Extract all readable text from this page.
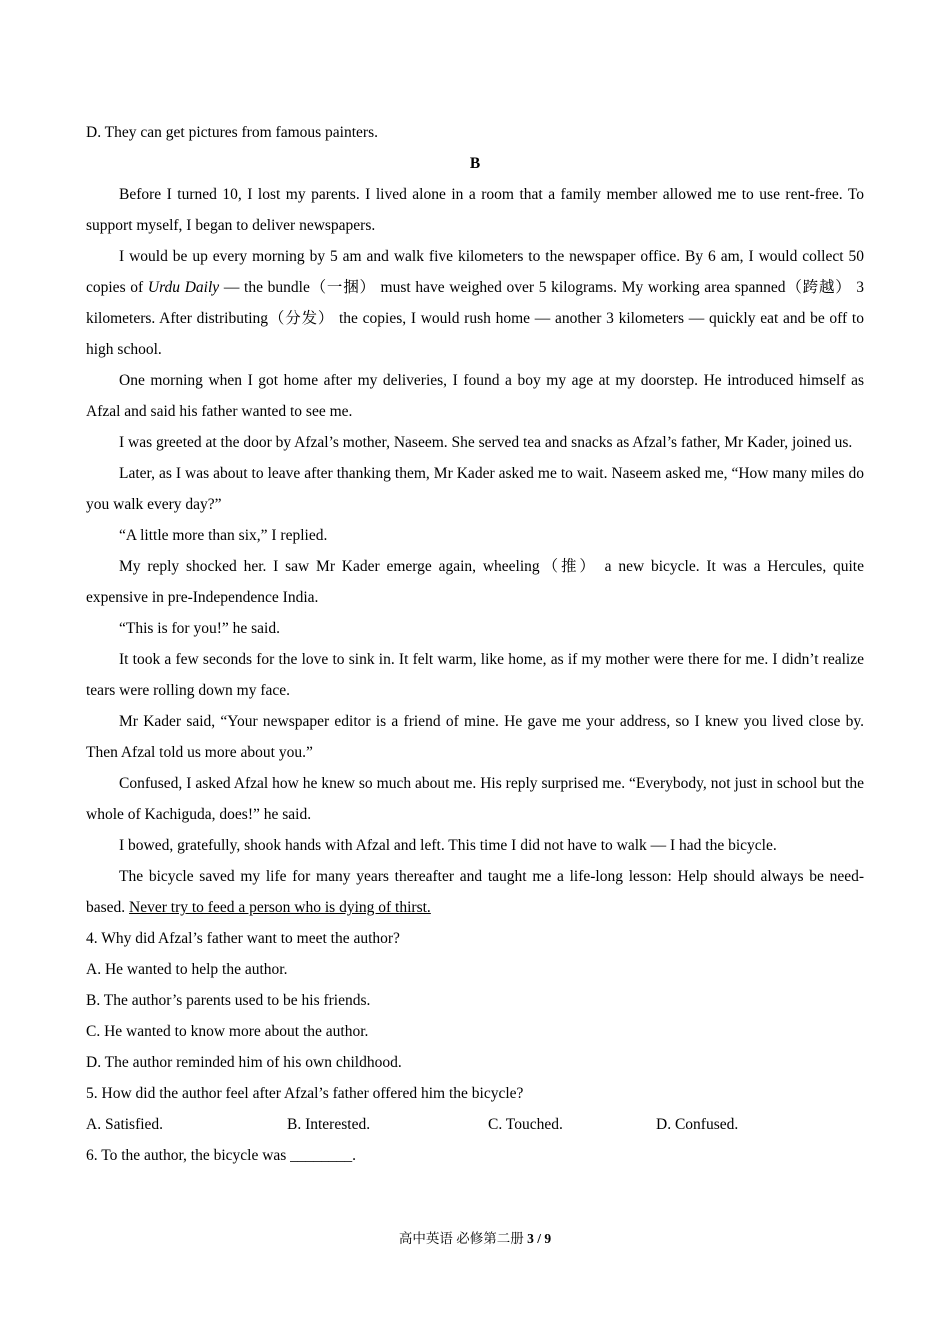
D. They can get pictures from famous painters.

B

Before I turned 10, I lost my parents. I lived alone in a room that a family member allowed me to use rent-free. To support myself, I began to deliver newspapers.

I would be up every morning by 5 am and walk five kilometers to the newspaper office. By 6 am, I would collect 50 copies of Urdu Daily — the bundle（一捆） must have weighed over 5 kilograms. My working area spanned（跨越） 3 kilometers. After distributing（分发） the copies, I would rush home — another 3 kilometers — quickly eat and be off to high school.

One morning when I got home after my deliveries, I found a boy my age at my doorstep. He introduced himself as Afzal and said his father wanted to see me.

I was greeted at the door by Afzal’s mother, Naseem. She served tea and snacks as Afzal’s father, Mr Kader, joined us.

Later, as I was about to leave after thanking them, Mr Kader asked me to wait. Naseem asked me, “How many miles do you walk every day?”

“A little more than six,” I replied.

My reply shocked her. I saw Mr Kader emerge again, wheeling（推） a new bicycle. It was a Hercules, quite expensive in pre-Independence India.

“This is for you!” he said.

It took a few seconds for the love to sink in. It felt warm, like home, as if my mother were there for me. I didn’t realize tears were rolling down my face.

Mr Kader said, “Your newspaper editor is a friend of mine. He gave me your address, so I knew you lived close by. Then Afzal told us more about you.”

Confused, I asked Afzal how he knew so much about me. His reply surprised me. “Everybody, not just in school but the whole of Kachiguda, does!” he said.

I bowed, gratefully, shook hands with Afzal and left. This time I did not have to walk — I had the bicycle.

The bicycle saved my life for many years thereafter and taught me a life-long lesson: Help should always be need-based. Never try to feed a person who is dying of thirst.

4. Why did Afzal’s father want to meet the author?

A. He wanted to help the author.

B. The author’s parents used to be his friends.

C. He wanted to know more about the author.

D. The author reminded him of his own childhood.

5. How did the author feel after Afzal’s father offered him the bicycle?

A. Satisfied.	B. Interested.	C. Touched.	D. Confused.

6. To the author, the bicycle was ________.

高中英语 必修第二册 3 / 9
